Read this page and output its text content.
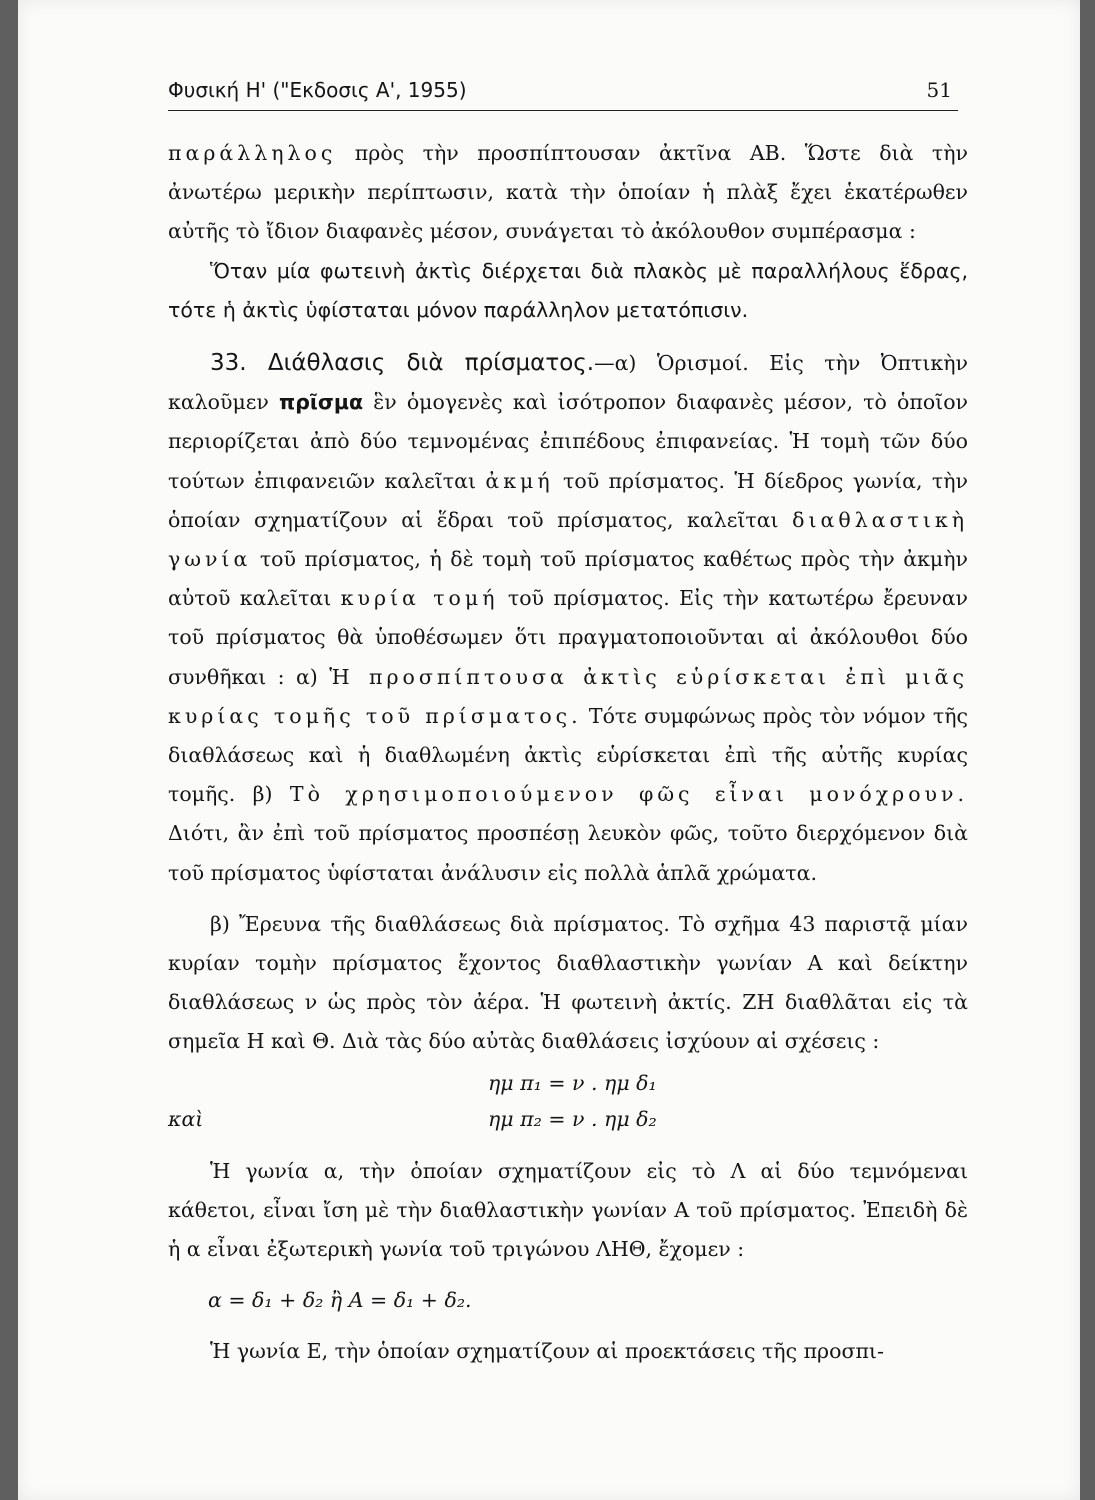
Φυσική Η' ("Εκδοσις Α', 1955)	51

παράλληλος πρὸς τὴν προσπίπτουσαν ἀκτῖνα ΑΒ. Ὥστε διὰ τὴν ἀνωτέρω μερικὴν περίπτωσιν, κατὰ τὴν ὁποίαν ἡ πλὰξ ἔχει ἑκατέρωθεν αὐτῆς τὸ ἴδιον διαφανὲς μέσον, συνάγεται τὸ ἀκόλουθον συμπέρασμα :

Ὅταν μία φωτεινὴ ἀκτὶς διέρχεται διὰ πλακὸς μὲ παραλλήλους ἕδρας, τότε ἡ ἀκτὶς ὑφίσταται μόνον παράλληλον μετατόπισιν.

33. Διάθλασις διὰ πρίσματος.—α) Ὁρισμοί. Εἰς τὴν Ὀπτικὴν καλοῦμεν πρῖσμα ἓν ὁμογενὲς καὶ ἰσότροπον διαφανὲς μέσον, τὸ ὁποῖον περιορίζεται ἀπὸ δύο τεμνομένας ἐπιπέδους ἐπιφανείας. Ἡ τομὴ τῶν δύο τούτων ἐπιφανειῶν καλεῖται ἀκμή τοῦ πρίσματος. Ἡ δίεδρος γωνία, τὴν ὁποίαν σχηματίζουν αἱ ἕδραι τοῦ πρίσματος, καλεῖται διαθλαστικὴ γωνία τοῦ πρίσματος, ἡ δὲ τομὴ τοῦ πρίσματος καθέτως πρὸς τὴν ἀκμὴν αὐτοῦ καλεῖται κυρία τομή τοῦ πρίσματος. Εἰς τὴν κατωτέρω ἔρευναν τοῦ πρίσματος θὰ ὑποθέσωμεν ὅτι πραγματοποιοῦνται αἱ ἀκόλουθοι δύο συνθῆκαι : α) Ἡ προσπίπτουσα ἀκτὶς εὑρίσκεται ἐπὶ μιᾶς κυρίας τομῆς τοῦ πρίσματος. Τότε συμφώνως πρὸς τὸν νόμον τῆς διαθλάσεως καὶ ἡ διαθλωμένη ἀκτὶς εὑρίσκεται ἐπὶ τῆς αὐτῆς κυρίας τομῆς. β) Τὸ χρησιμοποιούμενον φῶς εἶναι μονόχρουν. Διότι, ἂν ἐπὶ τοῦ πρίσματος προσπέσῃ λευκὸν φῶς, τοῦτο διερχόμενον διὰ τοῦ πρίσματος ὑφίσταται ἀνάλυσιν εἰς πολλὰ ἁπλᾶ χρώματα.

β) Ἔρευνα τῆς διαθλάσεως διὰ πρίσματος. Τὸ σχῆμα 43 παριστᾷ μίαν κυρίαν τομὴν πρίσματος ἔχοντος διαθλαστικὴν γωνίαν Α καὶ δείκτην διαθλάσεως ν ὡς πρὸς τὸν ἀέρα. Ἡ φωτεινὴ ἀκτίς. ΖΗ διαθλᾶται εἰς τὰ σημεῖα Η καὶ Θ. Διὰ τὰς δύο αὐτὰς διαθλάσεις ἰσχύουν αἱ σχέσεις :

ημ π₁ = ν . ημ δ₁
καὶ	ημ π₂ = ν . ημ δ₂

Ἡ γωνία α, τὴν ὁποίαν σχηματίζουν εἰς τὸ Λ αἱ δύο τεμνόμεναι κάθετοι, εἶναι ἴση μὲ τὴν διαθλαστικὴν γωνίαν Α τοῦ πρίσματος. Ἐπειδὴ δὲ ἡ α εἶναι ἐξωτερικὴ γωνία τοῦ τριγώνου ΛΗΘ, ἔχομεν :

α = δ₁ + δ₂ ἢ Α = δ₁ + δ₂.

Ἡ γωνία Ε, τὴν ὁποίαν σχηματίζουν αἱ προεκτάσεις τῆς προσπι-
